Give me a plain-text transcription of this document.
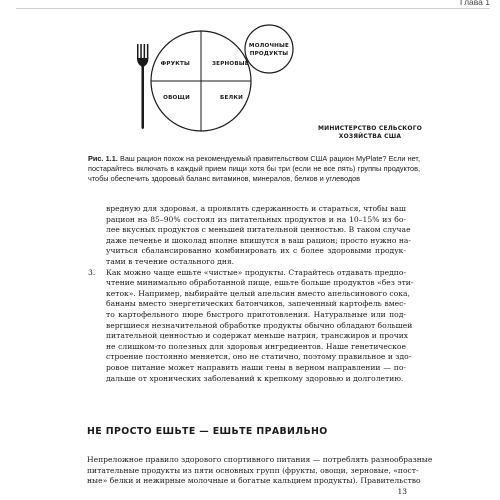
Глава 1
ФРУКТЫ	ЗЕРНОВЫЕ
ОВОЩИ	БЕЛКИ
МОЛОЧНЫЕ
ПРОДУКТЫ
МИНИСТЕРСТВО СЕЛЬСКОГО
ХОЗЯЙСТВА США
Рис. 1.1. Ваш рацион похож на рекомендуемый правительством США рацион MyPlate? Если нет, постарайтесь включать в каждый прием пищи хотя бы три (если не все пять) группы продуктов, чтобы обеспечить здоровый баланс витаминов, минералов, белков и углеводов
вредную для здоровья, а проявлять сдержанность и стараться, чтобы ваш
рацион на 85–90% состоял из питательных продуктов и на 10–15% из бо-
лее вкусных продуктов с меньшей питательной ценностью. В таком случае
даже печенье и шоколад вполне впишутся в ваш рацион; просто нужно на-
учиться сбалансированно комбинировать их с более здоровыми продук-
тами в течение остального дня.
3. Как можно чаще ешьте «чистые» продукты. Старайтесь отдавать предпо-
чтение минимально обработанной пище, ешьте больше продуктов «без эти-
кеток». Например, выбирайте целый апельсин вместо апельсинового сока,
бананы вместо энергетических батончиков, запеченный картофель вмес-
то картофельного пюре быстрого приготовления. Натуральные или под-
вергшиеся незначительной обработке продукты обычно обладают большей
питательной ценностью и содержат меньше натрия, трансжиров и прочих
не слишком-то полезных для здоровья ингредиентов. Наше генетическое
строение постоянно меняется, оно не статично, поэтому правильное и здо-
ровое питание может направить наши гены в верном направлении — по-
дальше от хронических заболеваний к крепкому здоровью и долголетию.
НЕ ПРОСТО ЕШЬТЕ — ЕШЬТЕ ПРАВИЛЬНО
Непреложное правило здорового спортивного питания — потреблять разнообразные
питательные продукты из пяти основных групп (фрукты, овощи, зерновые, «пост-
ные» белки и нежирные молочные и богатые кальцием продукты). Правительство
13
